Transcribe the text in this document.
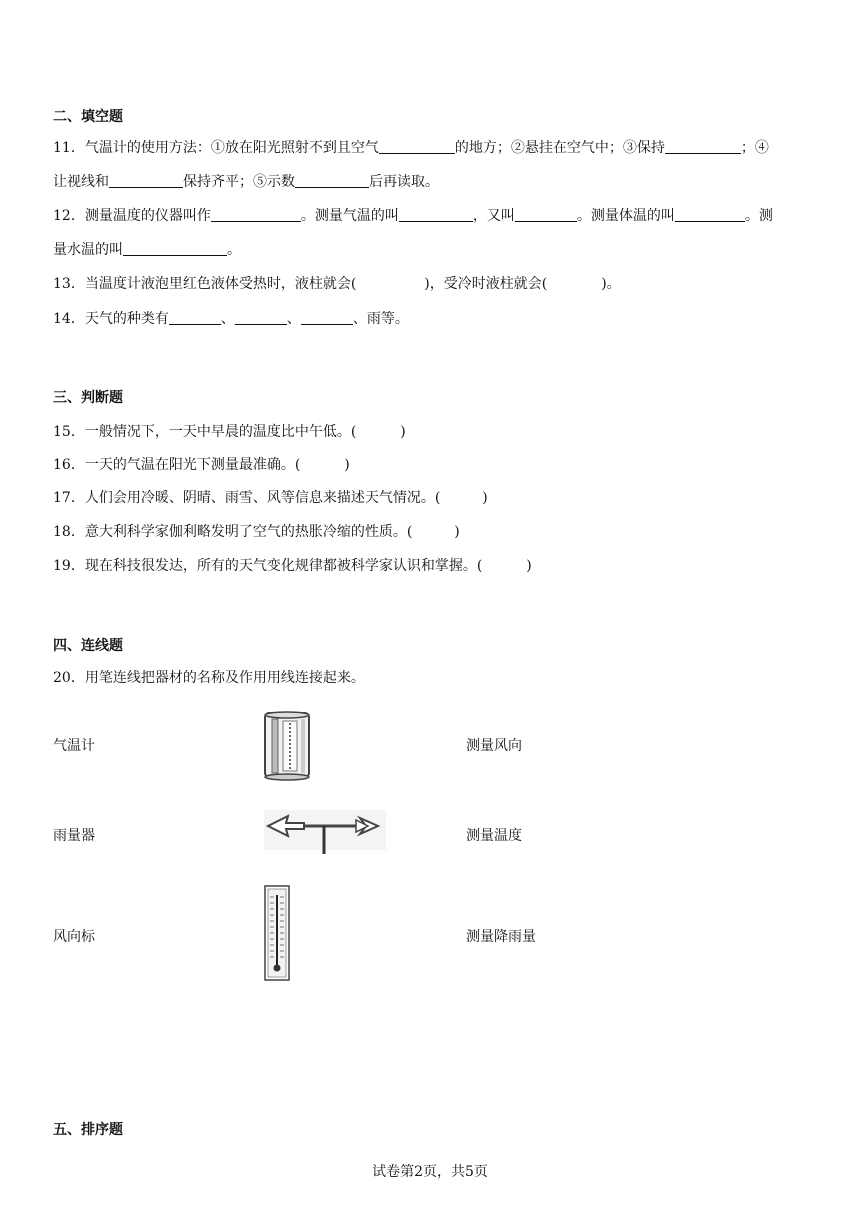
二、填空题
11．气温计的使用方法：①放在阳光照射不到且空气	的地方；②悬挂在空气中；③保持	；④
让视线和	保持齐平；⑤示数	后再读取。
12．测量温度的仪器叫作	。测量气温的叫	，又叫	。测量体温的叫	。测
量水温的叫	。
13．当温度计液泡里红色液体受热时，液柱就会(	)，受冷时液柱就会(	)。
14．天气的种类有	、	、	、雨等。
三、判断题
15．一般情况下，一天中早晨的温度比中午低。(	)
16．一天的气温在阳光下测量最准确。(	)
17．人们会用冷暖、阴晴、雨雪、风等信息来描述天气情况。(	)
18．意大利科学家伽利略发明了空气的热胀冷缩的性质。(	)
19．现在科技很发达，所有的天气变化规律都被科学家认识和掌握。(	)
四、连线题
20．用笔连线把器材的名称及作用用线连接起来。
气温计
雨量器
风向标
测量风向
测量温度
测量降雨量
五、排序题
试卷第2页，共5页
